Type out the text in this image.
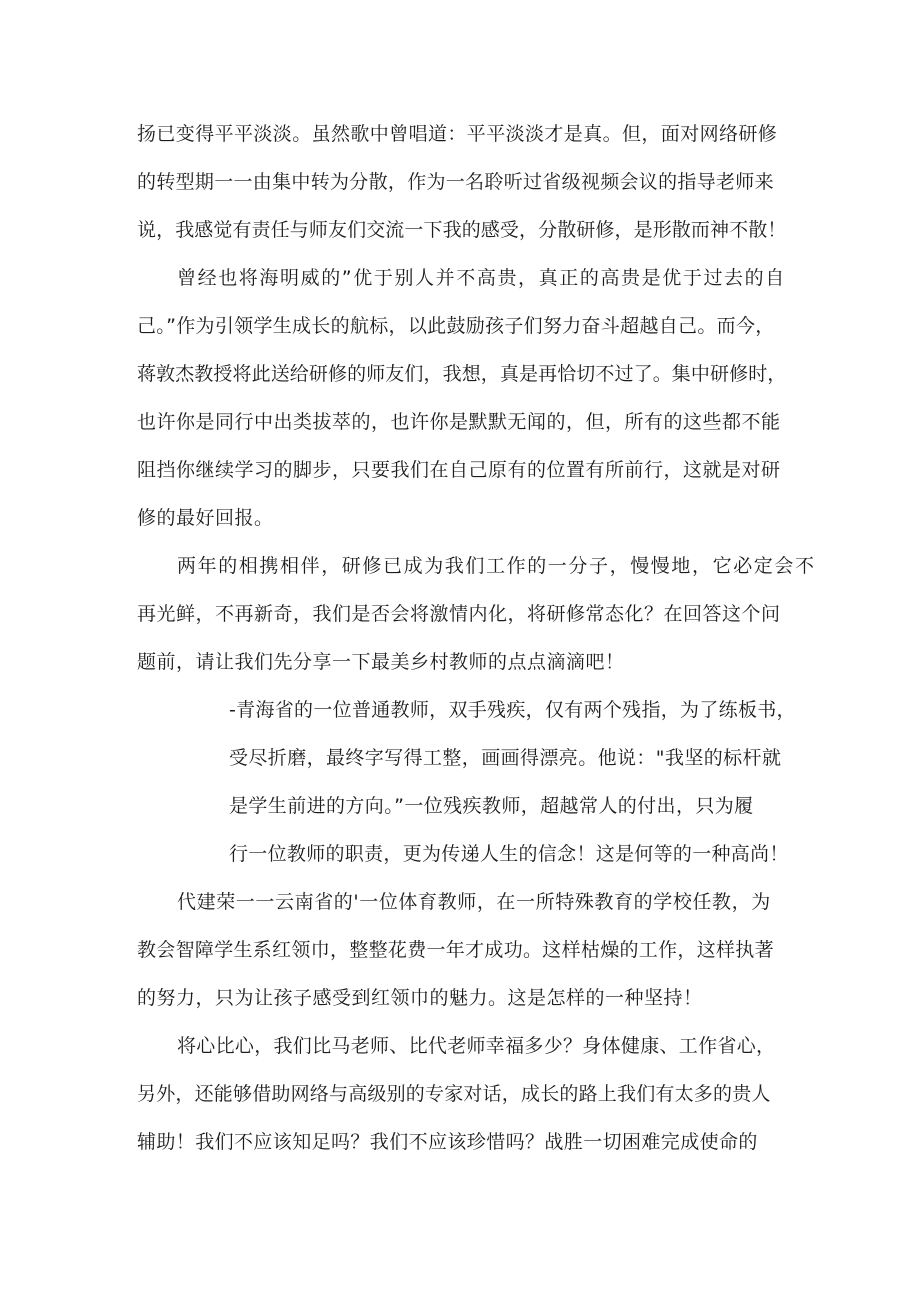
扬已变得平平淡淡。虽然歌中曾唱道：平平淡淡才是真。但，面对网络研修
的转型期一一由集中转为分散，作为一名聆听过省级视频会议的指导老师来
说，我感觉有责任与师友们交流一下我的感受，分散研修，是形散而神不散！
曾经也将海明威的”优于别人并不高贵，真正的高贵是优于过去的自
己。”作为引领学生成长的航标，以此鼓励孩子们努力奋斗超越自己。而今，
蒋敦杰教授将此送给研修的师友们，我想，真是再恰切不过了。集中研修时，
也许你是同行中出类拔萃的，也许你是默默无闻的，但，所有的这些都不能
阻挡你继续学习的脚步，只要我们在自己原有的位置有所前行，这就是对研
修的最好回报。
两年的相携相伴，研修已成为我们工作的一分子，慢慢地，它必定会不
再光鲜，不再新奇，我们是否会将激情内化，将研修常态化？在回答这个问
题前，请让我们先分享一下最美乡村教师的点点滴滴吧！
-青海省的一位普通教师，双手残疾，仅有两个残指，为了练板书，
受尽折磨，最终字写得工整，画画得漂亮。他说："我坚的标杆就
是学生前进的方向。”一位残疾教师，超越常人的付出，只为履
行一位教师的职责，更为传递人生的信念！这是何等的一种高尚！
代建荣一一云南省的'一位体育教师，在一所特殊教育的学校任教，为
教会智障学生系红领巾，整整花费一年才成功。这样枯燥的工作，这样执著
的努力，只为让孩子感受到红领巾的魅力。这是怎样的一种坚持！
将心比心，我们比马老师、比代老师幸福多少？身体健康、工作省心，
另外，还能够借助网络与高级别的专家对话，成长的路上我们有太多的贵人
辅助！我们不应该知足吗？我们不应该珍惜吗？战胜一切困难完成使命的
